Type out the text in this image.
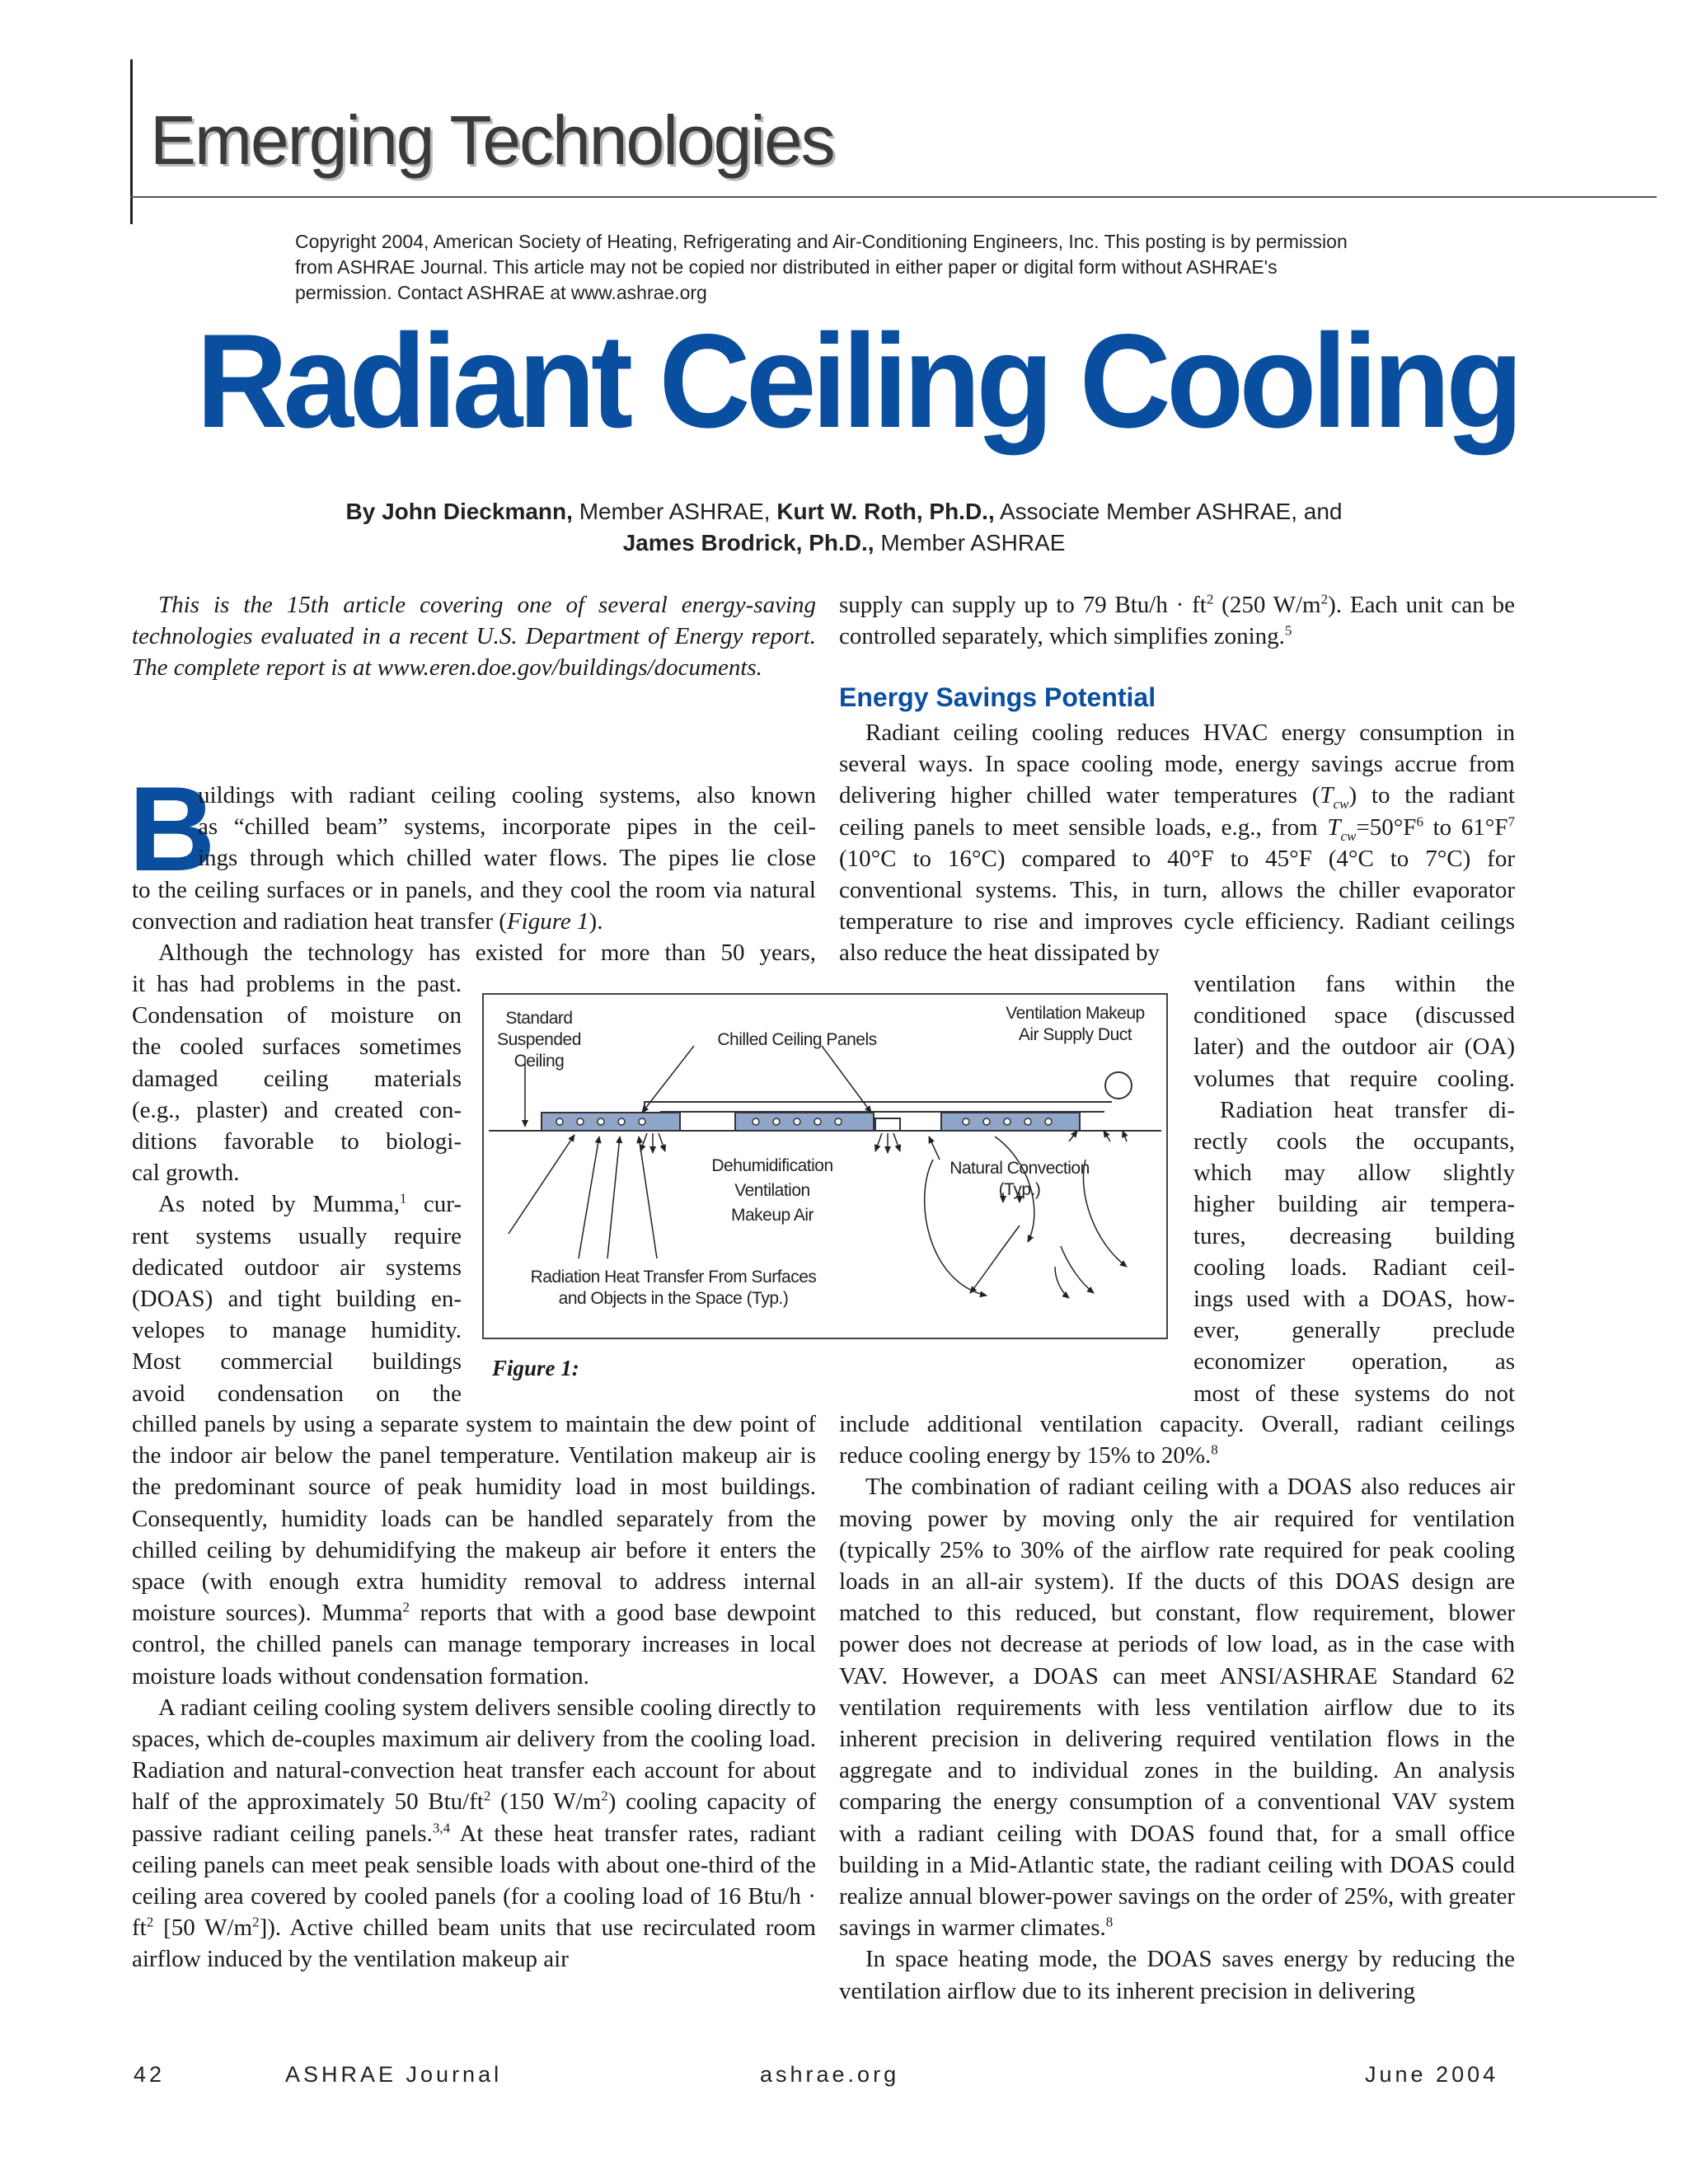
Emerging Technologies
Copyright 2004, American Society of Heating, Refrigerating and Air-Conditioning Engineers, Inc. This posting is by permission from ASHRAE Journal. This article may not be copied nor distributed in either paper or digital form without ASHRAE's permission. Contact ASHRAE at www.ashrae.org
Radiant Ceiling Cooling
By John Dieckmann, Member ASHRAE, Kurt W. Roth, Ph.D., Associate Member ASHRAE, and
James Brodrick, Ph.D., Member ASHRAE

This is the 15th article covering one of several energy-saving technologies evaluated in a recent U.S. Department of Energy report. The complete report is at www.eren.doe.gov/buildings/documents.

B
uildings with radiant ceiling cooling systems, also known
as “chilled beam” systems, incorporate pipes in the ceil-
ings through which chilled water flows. The pipes lie close

to the ceiling surfaces or in panels, and they cool the room via natural convection and radiation heat transfer (Figure 1).

Although the technology has existed for more than 50 years,

it has had problems in the past.
Condensation of moisture on
the cooled surfaces sometimes
damaged ceiling materials
(e.g., plaster) and created con-
ditions favorable to biologi-
cal growth.
As noted by Mumma,$^1$ cur-
rent systems usually require
dedicated outdoor air systems
(DOAS) and tight building en-
velopes to manage humidity.
Most commercial buildings
avoid condensation on the

chilled panels by using a separate system to maintain the dew point of the indoor air below the panel temperature. Ventilation makeup air is the predominant source of peak humidity load in most buildings. Consequently, humidity loads can be handled separately from the chilled ceiling by dehumidifying the makeup air before it enters the space (with enough extra humidity removal to address internal moisture sources). Mumma$^2$ reports that with a good base dewpoint control, the chilled panels can manage temporary increases in local moisture loads without condensation formation.

A radiant ceiling cooling system delivers sensible cooling directly to spaces, which de-couples maximum air delivery from the cooling load. Radiation and natural-convection heat transfer each account for about half of the approximately 50 Btu/$ft^2$ (150 $W/m^2$) cooling capacity of passive radiant ceiling panels.$^{3,4}$ At these heat transfer rates, radiant ceiling panels can meet peak sensible loads with about one-third of the ceiling area covered by cooled panels (for a cooling load of 16 $Btu/h \cdot ft^2$ [50 $W/m^2$]). Active chilled beam units that use recirculated room airflow induced by the ventilation makeup air

supply can supply up to 79 $Btu/h \cdot ft^2$ (250 $W/m^2$). Each unit can be controlled separately, which simplifies zoning.$^5$

Energy Savings Potential

Radiant ceiling cooling reduces HVAC energy consumption in several ways. In space cooling mode, energy savings accrue from delivering higher chilled water temperatures $(T_{cw})$ to the radiant ceiling panels to meet sensible loads, e.g., from $T_{cw}=50^\circ F^6$ to $61^\circ F^7$ (10°C to 16°C) compared to 40°F to 45°F (4°C to 7°C) for conventional systems. This, in turn, allows the chiller evaporator temperature to rise and improves cycle efficiency. Radiant ceilings also reduce the heat dissipated by

ventilation fans within the
conditioned space (discussed
later) and the outdoor air (OA)
volumes that require cooling.
Radiation heat transfer di-
rectly cools the occupants,
which may allow slightly
higher building air tempera-
tures, decreasing building
cooling loads. Radiant ceil-
ings used with a DOAS, how-
ever, generally preclude
economizer operation, as
most of these systems do not

include additional ventilation capacity. Overall, radiant ceilings reduce cooling energy by 15% to 20%.$^8$

The combination of radiant ceiling with a DOAS also reduces air moving power by moving only the air required for ventilation (typically 25% to 30% of the airflow rate required for peak cooling loads in an all-air system). If the ducts of this DOAS design are matched to this reduced, but constant, flow requirement, blower power does not decrease at periods of low load, as in the case with VAV. However, a DOAS can meet ANSI/ASHRAE Standard 62 ventilation requirements with less ventilation airflow due to its inherent precision in delivering required ventilation flows in the aggregate and to individual zones in the building. An analysis comparing the energy consumption of a conventional VAV system with a radiant ceiling with DOAS found that, for a small office building in a Mid-Atlantic state, the radiant ceiling with DOAS could realize annual blower-power savings on the order of 25%, with greater savings in warmer climates.$^8$

In space heating mode, the DOAS saves energy by reducing the ventilation airflow due to its inherent precision in delivering

Standard
Suspended Ceiling
Chilled Ceiling Panels
Ventilation Makeup
Air Supply Duct
Dehumidification
Ventilation
Makeup Air
Natural Convection
(Typ.)
Radiation Heat Transfer From Surfaces
and Objects in the Space (Typ.)
Figure 1:
42	ASHRAE Journal	ashrae.org	June 2004
